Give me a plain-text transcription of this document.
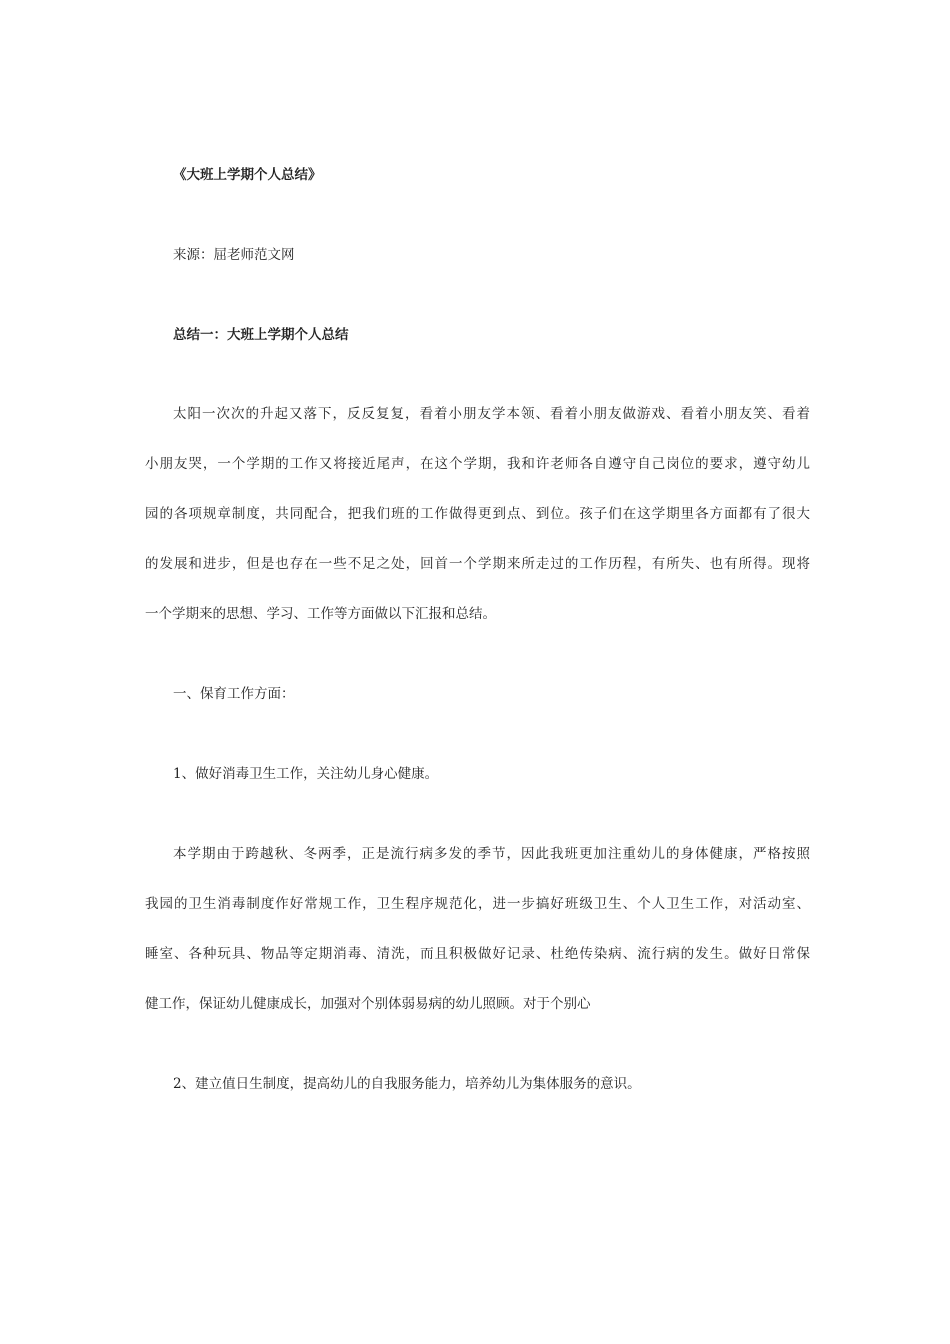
《大班上学期个人总结》

来源：屈老师范文网

总结一：大班上学期个人总结

太阳一次次的升起又落下，反反复复，看着小朋友学本领、看着小朋友做游戏、看着小朋友笑、看着

小朋友哭，一个学期的工作又将接近尾声，在这个学期，我和许老师各自遵守自己岗位的要求，遵守幼儿

园的各项规章制度，共同配合，把我们班的工作做得更到点、到位。孩子们在这学期里各方面都有了很大

的发展和进步，但是也存在一些不足之处，回首一个学期来所走过的工作历程，有所失、也有所得。现将

一个学期来的思想、学习、工作等方面做以下汇报和总结。

一、保育工作方面：

1、做好消毒卫生工作，关注幼儿身心健康。

本学期由于跨越秋、冬两季，正是流行病多发的季节，因此我班更加注重幼儿的身体健康，严格按照

我园的卫生消毒制度作好常规工作，卫生程序规范化，进一步搞好班级卫生、个人卫生工作，对活动室、

睡室、各种玩具、物品等定期消毒、清洗，而且积极做好记录、杜绝传染病、流行病的发生。做好日常保

健工作，保证幼儿健康成长，加强对个别体弱易病的幼儿照顾。对于个别心

2、建立值日生制度，提高幼儿的自我服务能力，培养幼儿为集体服务的意识。
